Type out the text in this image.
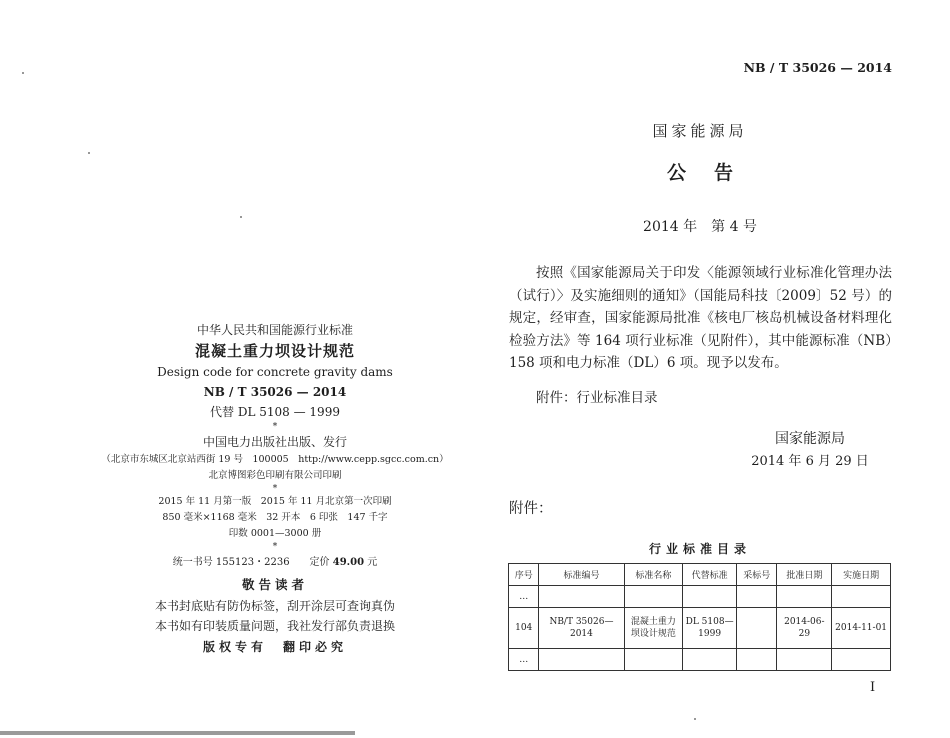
中华人民共和国能源行业标准
混凝土重力坝设计规范
Design code for concrete gravity dams
NB / T 35026 — 2014
代替 DL 5108 — 1999
*
中国电力出版社出版、发行
（北京市东城区北京站西街 19 号　100005　http://www.cepp.sgcc.com.cn）
北京博图彩色印刷有限公司印刷
*
2015 年 11 月第一版　2015 年 11 月北京第一次印刷
850 毫米×1168 毫米　32 开本　6 印张　147 千字
印数 0001—3000 册
*
统一书号 155123・2236　　定价 49.00 元
敬告读者
本书封底贴有防伪标签，刮开涂层可查询真伪
本书如有印装质量问题，我社发行部负责退换
版权专有　翻印必究
NB / T 35026 — 2014
国家能源局
公告
2014 年　第 4 号

按照《国家能源局关于印发〈能源领域行业标准化管理办法（试行）〉及实施细则的通知》（国能局科技〔2009〕52 号）的规定，经审查，国家能源局批准《核电厂核岛机械设备材料理化检验方法》等 164 项行业标准（见附件），其中能源标准（NB）158 项和电力标准（DL）6 项。现予以发布。

附件：行业标准目录
国家能源局
2014 年 6 月 29 日
附件：
行业标准目录
序号	标准编号	标准名称	代替标准	采标号	批准日期	实施日期
…						
104	NB/T 35026—2014	混凝土重力坝设计规范	DL 5108—1999		2014-06-29	2014-11-01
…						
I
